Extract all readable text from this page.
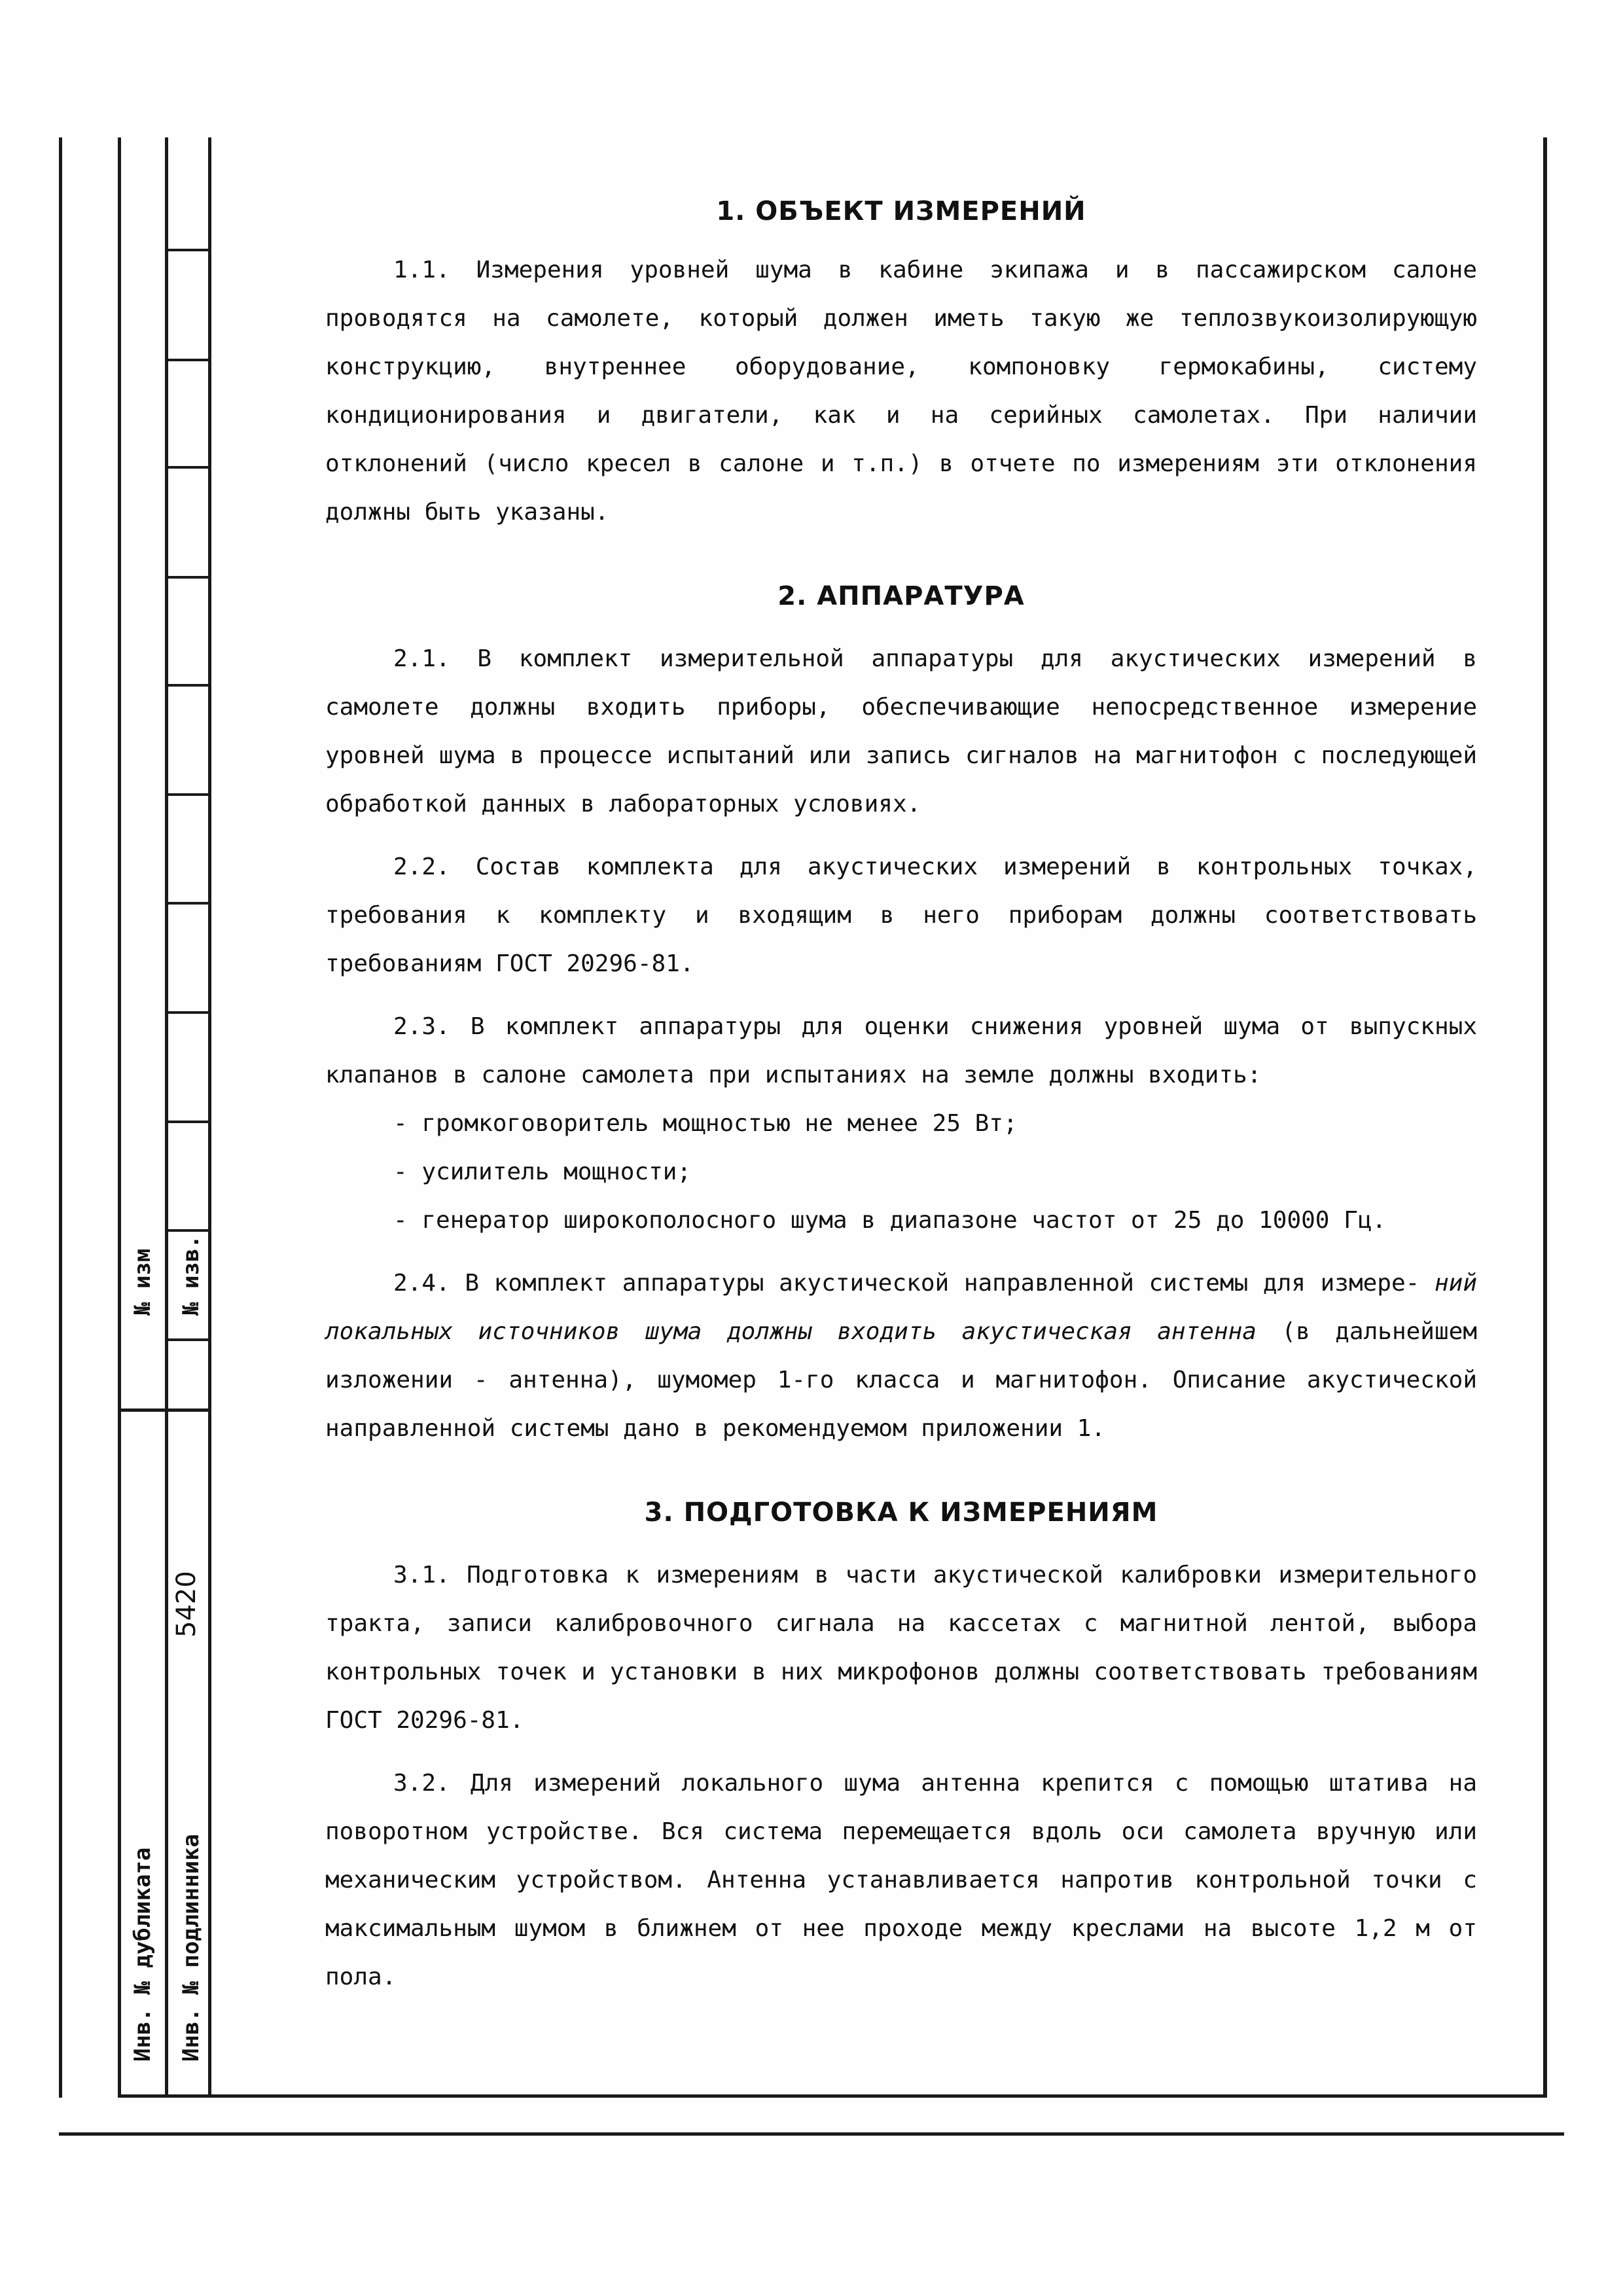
№ изм № изв.
5420
Инв. № дубликата Инв. № подлинника
1. ОБЪЕКТ ИЗМЕРЕНИЙ

1.1. Измерения уровней шума в кабине экипажа и в пассажирском салоне проводятся на самолете, который должен иметь такую же теплозвукоизолирующую конструкцию, внутреннее оборудование, компоновку гермокабины, систему кондиционирования и двигатели, как и на серийных самолетах. При наличии отклонений (число кресел в салоне и т.п.) в отчете по измерениям эти отклонения должны быть указаны.

2. АППАРАТУРА

2.1. В комплект измерительной аппаратуры для акустических измерений в самолете должны входить приборы, обеспечивающие непосредственное измерение уровней шума в процессе испытаний или запись сигналов на магнитофон с последующей обработкой данных в лабораторных условиях.

2.2. Состав комплекта для акустических измерений в контрольных точках, требования к комплекту и входящим в него приборам должны соответствовать требованиям ГОСТ 20296-81.

2.3. В комплект аппаратуры для оценки снижения уровней шума от выпускных клапанов в салоне самолета при испытаниях на земле должны входить:

- громкоговоритель мощностью не менее 25 Вт;

- усилитель мощности;

- генератор широкополосного шума в диапазоне частот от 25 до 10000 Гц.

2.4. В комплект аппаратуры акустической направленной системы для измере- ний локальных источников шума должны входить акустическая антенна (в дальнейшем изложении - антенна), шумомер 1-го класса и магнитофон. Описание акустической направленной системы дано в рекомендуемом приложении 1.

3. ПОДГОТОВКА К ИЗМЕРЕНИЯМ

3.1. Подготовка к измерениям в части акустической калибровки измерительного тракта, записи калибровочного сигнала на кассетах с магнитной лентой, выбора контрольных точек и установки в них микрофонов должны соответствовать требованиям ГОСТ 20296-81.

3.2. Для измерений локального шума антенна крепится с помощью штатива на поворотном устройстве. Вся система перемещается вдоль оси самолета вручную или механическим устройством. Антенна устанавливается напротив контрольной точки с максимальным шумом в ближнем от нее проходе между креслами на высоте 1,2 м от пола.
